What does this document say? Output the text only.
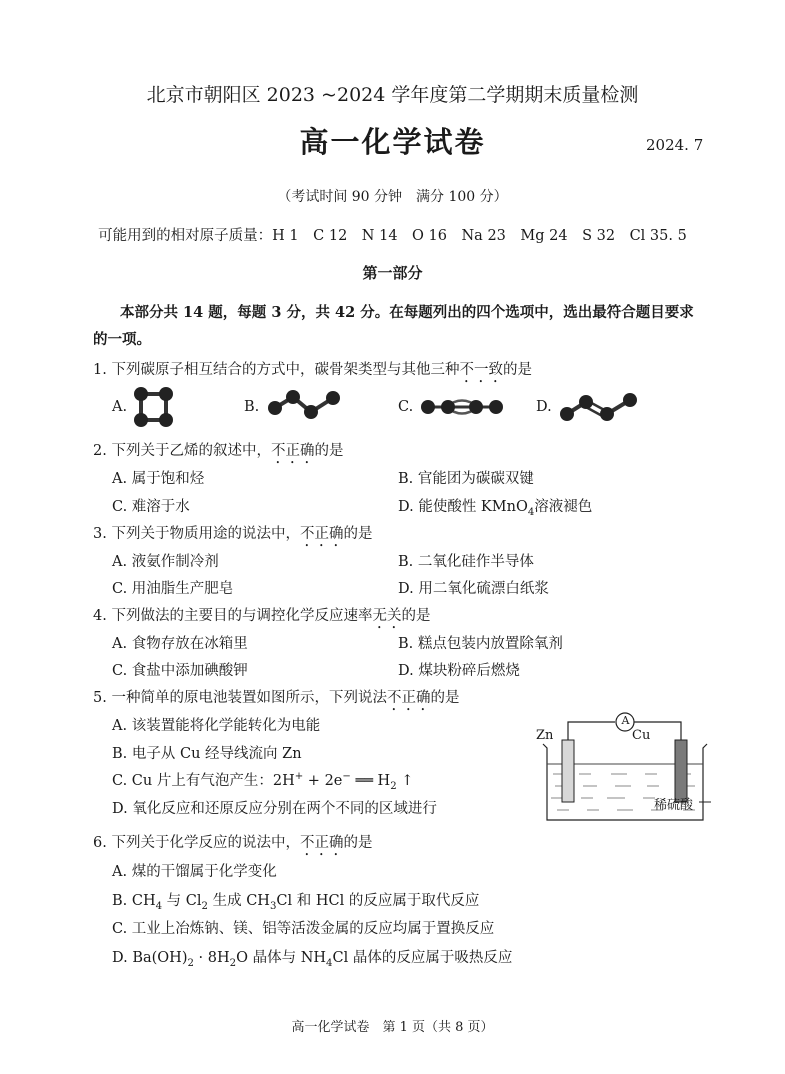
北京市朝阳区 2023 ~2024 学年度第二学期期末质量检测
高一化学试卷	2024. 7
（考试时间 90 分钟　满分 100 分）
可能用到的相对原子质量：H 1　C 12　N 14　O 16　Na 23　Mg 24　S 32　Cl 35. 5
第一部分
本部分共 14 题，每题 3 分，共 42 分。在每题列出的四个选项中，选出最符合题目要求
的一项。
1. 下列碳原子相互结合的方式中，碳骨架类型与其他三种不一致的是
A.	B.	C.	D.
2. 下列关于乙烯的叙述中，不正确的是
A. 属于饱和烃	B. 官能团为碳碳双键
C. 难溶于水	D. 能使酸性 KMnO$_4$溶液褪色
3. 下列关于物质用途的说法中，不正确的是
A. 液氨作制冷剂	B. 二氧化硅作半导体
C. 用油脂生产肥皂	D. 用二氧化硫漂白纸浆
4. 下列做法的主要目的与调控化学反应速率无关的是
A. 食物存放在冰箱里	B. 糕点包装内放置除氧剂
C. 食盐中添加碘酸钾	D. 煤块粉碎后燃烧
5. 一种简单的原电池装置如图所示，下列说法不正确的是
A. 该装置能将化学能转化为电能
B. 电子从 Cu 经导线流向 Zn
C. Cu 片上有气泡产生：2H+ + 2e− ══ $H_2$ ↑
D. 氧化反应和还原反应分别在两个不同的区域进行
Zn	Cu
A
稀硫酸
6. 下列关于化学反应的说法中，不正确的是
A. 煤的干馏属于化学变化
B. $CH_4$ 与 $Cl_2$ 生成 $CH_3Cl$ 和 HCl 的反应属于取代反应
C. 工业上冶炼钠、镁、铝等活泼金属的反应均属于置换反应
D. $Ba(OH)_2 \cdot 8H_2O$ 晶体与 $NH_4Cl$ 晶体的反应属于吸热反应
高一化学试卷　第 1 页（共 8 页）
